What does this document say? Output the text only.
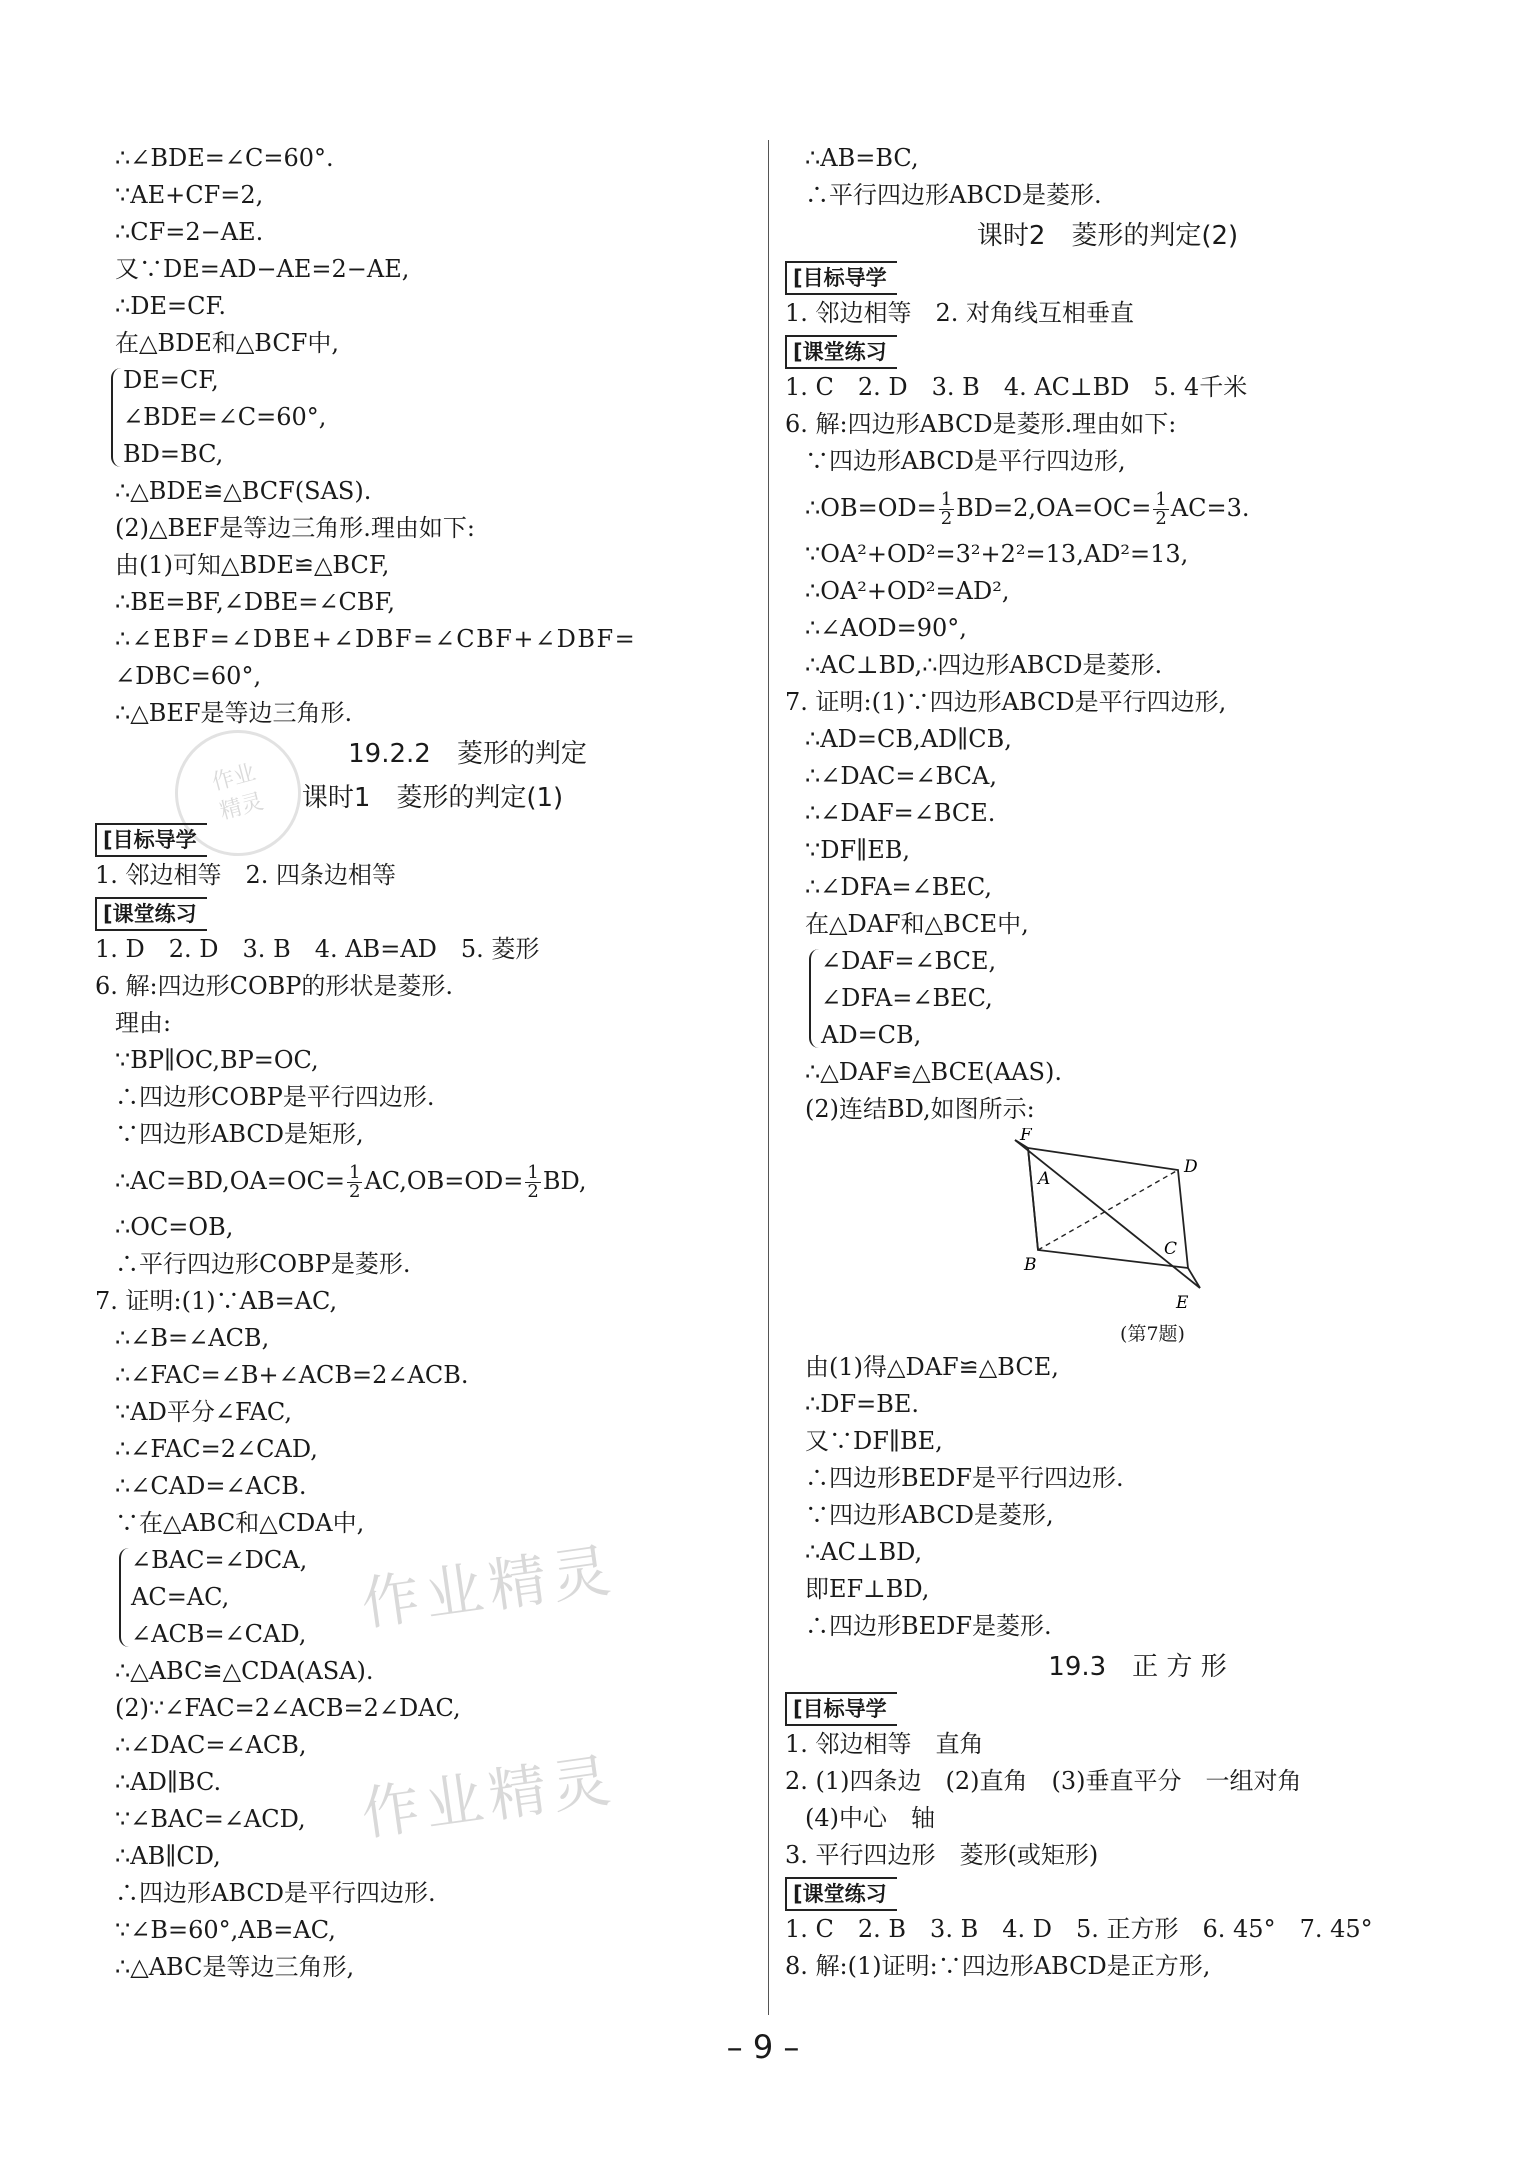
作业
精灵
作业精灵
作业精灵
∴∠BDE=∠C=60°.
∵AE+CF=2,
∴CF=2−AE.
又∵DE=AD−AE=2−AE,
∴DE=CF.
在△BDE和△BCF中,
DE=CF,
∠BDE=∠C=60°,
BD=BC,
∴△BDE≌△BCF(SAS).
(2)△BEF是等边三角形.理由如下:
由(1)可知△BDE≌△BCF,
∴BE=BF,∠DBE=∠CBF,
∴∠EBF=∠DBE+∠DBF=∠CBF+∠DBF=
∠DBC=60°,
∴△BEF是等边三角形.
19.2.2　菱形的判定
课时1　菱形的判定(1)
[目标导学
1. 邻边相等　2. 四条边相等
[课堂练习
1. D　2. D　3. B　4. AB=AD　5. 菱形
6. 解:四边形COBP的形状是菱形.
理由:
∵BP∥OC,BP=OC,
∴四边形COBP是平行四边形.
∵四边形ABCD是矩形,
∴AC=BD,OA=OC= $\frac{1}{2} AC,OB=OD= \frac{1}{2}$ BD,
∴OC=OB,
∴平行四边形COBP是菱形.
7. 证明:(1)∵AB=AC,
∴∠B=∠ACB,
∴∠FAC=∠B+∠ACB=2∠ACB.
∵AD平分∠FAC,
∴∠FAC=2∠CAD,
∴∠CAD=∠ACB.
∵在△ABC和△CDA中,
∠BAC=∠DCA,
AC=AC,
∠ACB=∠CAD,
∴△ABC≌△CDA(ASA).
(2)∵∠FAC=2∠ACB=2∠DAC,
∴∠DAC=∠ACB,
∴AD∥BC.
∵∠BAC=∠ACD,
∴AB∥CD,
∴四边形ABCD是平行四边形.
∵∠B=60°,AB=AC,
∴△ABC是等边三角形,
∴AB=BC,
∴平行四边形ABCD是菱形.
课时2　菱形的判定(2)
[目标导学
1. 邻边相等　2. 对角线互相垂直
[课堂练习
1. C　2. D　3. B　4. AC⊥BD　5. 4千米
6. 解:四边形ABCD是菱形.理由如下:
∵四边形ABCD是平行四边形,
∴OB=OD= $\frac{1}{2} BD=2,OA=OC= \frac{1}{2} AC=3$.
∵OA²+OD²=3²+2²=13,AD²=13,
∴OA²+OD²=AD²,
∴∠AOD=90°,
∴AC⊥BD,∴四边形ABCD是菱形.
7. 证明:(1)∵四边形ABCD是平行四边形,
∴AD=CB,AD∥CB,
∴∠DAC=∠BCA,
∴∠DAF=∠BCE.
∵DF∥EB,
∴∠DFA=∠BEC,
在△DAF和△BCE中,
∠DAF=∠BCE,
∠DFA=∠BEC,
AD=CB,
∴△DAF≌△BCE(AAS).
(2)连结BD,如图所示:
F
A
D
B
C
E
(第7题)
由(1)得△DAF≌△BCE,
∴DF=BE.
又∵DF∥BE,
∴四边形BEDF是平行四边形.
∵四边形ABCD是菱形,
∴AC⊥BD,
即EF⊥BD,
∴四边形BEDF是菱形.
19.3　正 方 形
[目标导学
1. 邻边相等　直角
2. (1)四条边　(2)直角　(3)垂直平分　一组对角
(4)中心　轴
3. 平行四边形　菱形(或矩形)
[课堂练习
1. C　2. B　3. B　4. D　5. 正方形　6. 45°　7. 45°
8. 解:(1)证明:∵四边形ABCD是正方形,
– 9 –
